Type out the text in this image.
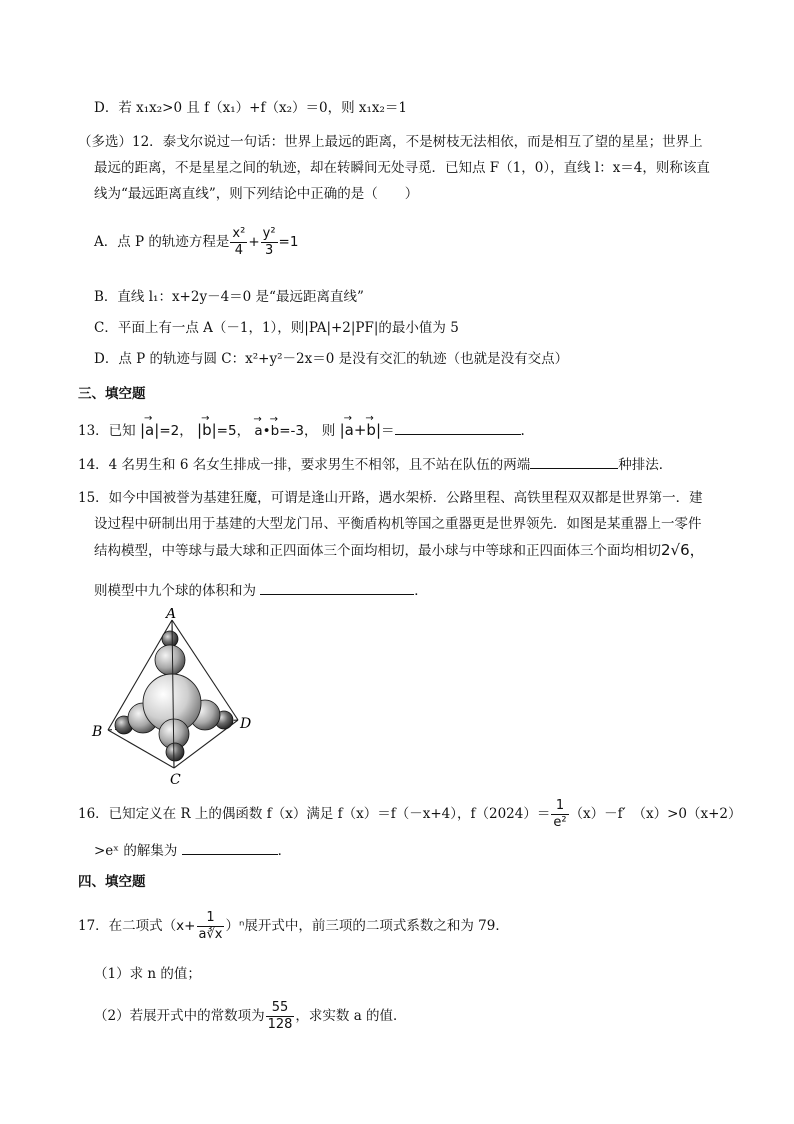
D．若 x₁x₂>0 且 f（x₁）+f（x₂）＝0，则 x₁x₂＝1
（多选）12．泰戈尔说过一句话：世界上最远的距离，不是树枝无法相依，而是相互了望的星星；世界上
最远的距离，不是星星之间的轨迹，却在转瞬间无处寻觅．已知点 F（1，0），直线 l：x＝4，则称该直
线为“最远距离直线”，则下列结论中正确的是（　　）
A．点 P 的轨迹方程是 $\frac{\text{x²}}{4} + \frac{\text{y²}}{3} =1$
B．直线 l₁：x+2y－4＝0 是“最远距离直线”
C．平面上有一点 A（－1，1），则|PA|+2|PF|的最小值为 5
D．点 P 的轨迹与圆 C：x²+y²－2x＝0 是没有交汇的轨迹（也就是没有交点）
三、填空题
13．已知 |→ a|=2， |→ b|=5， → a•→ b=-3， 则 |→ a+→ b|＝	.
14．4 名男生和 6 名女生排成一排，要求男生不相邻，且不站在队伍的两端	种排法．
15．如今中国被誉为基建狂魔，可谓是逢山开路，遇水架桥．公路里程、高铁里程双双都是世界第一．建
设过程中研制出用于基建的大型龙门吊、平衡盾构机等国之重器更是世界领先．如图是某重器上一零件
结构模型，中等球与最大球和正四面体三个面均相切，最小球与中等球和正四面体三个面均相切2√6，
则模型中九个球的体积和为	．
A
B
C
D
16．已知定义在 R 上的偶函数 f（x）满足 f（x）＝f（－x+4），$f(2024)= \frac{1}{\text{e²}} (x)-f'$　（x）>0（x+2）
>eˣ 的解集为	．
四、填空题
17．在二项式$(x+ \frac{1}{a∛x} )^n$展开式中，前三项的二项式系数之和为 79．
（1）求 n 的值；
（2）若展开式中的常数项为 $\frac{55}{128}$ ，求实数 a 的值．
